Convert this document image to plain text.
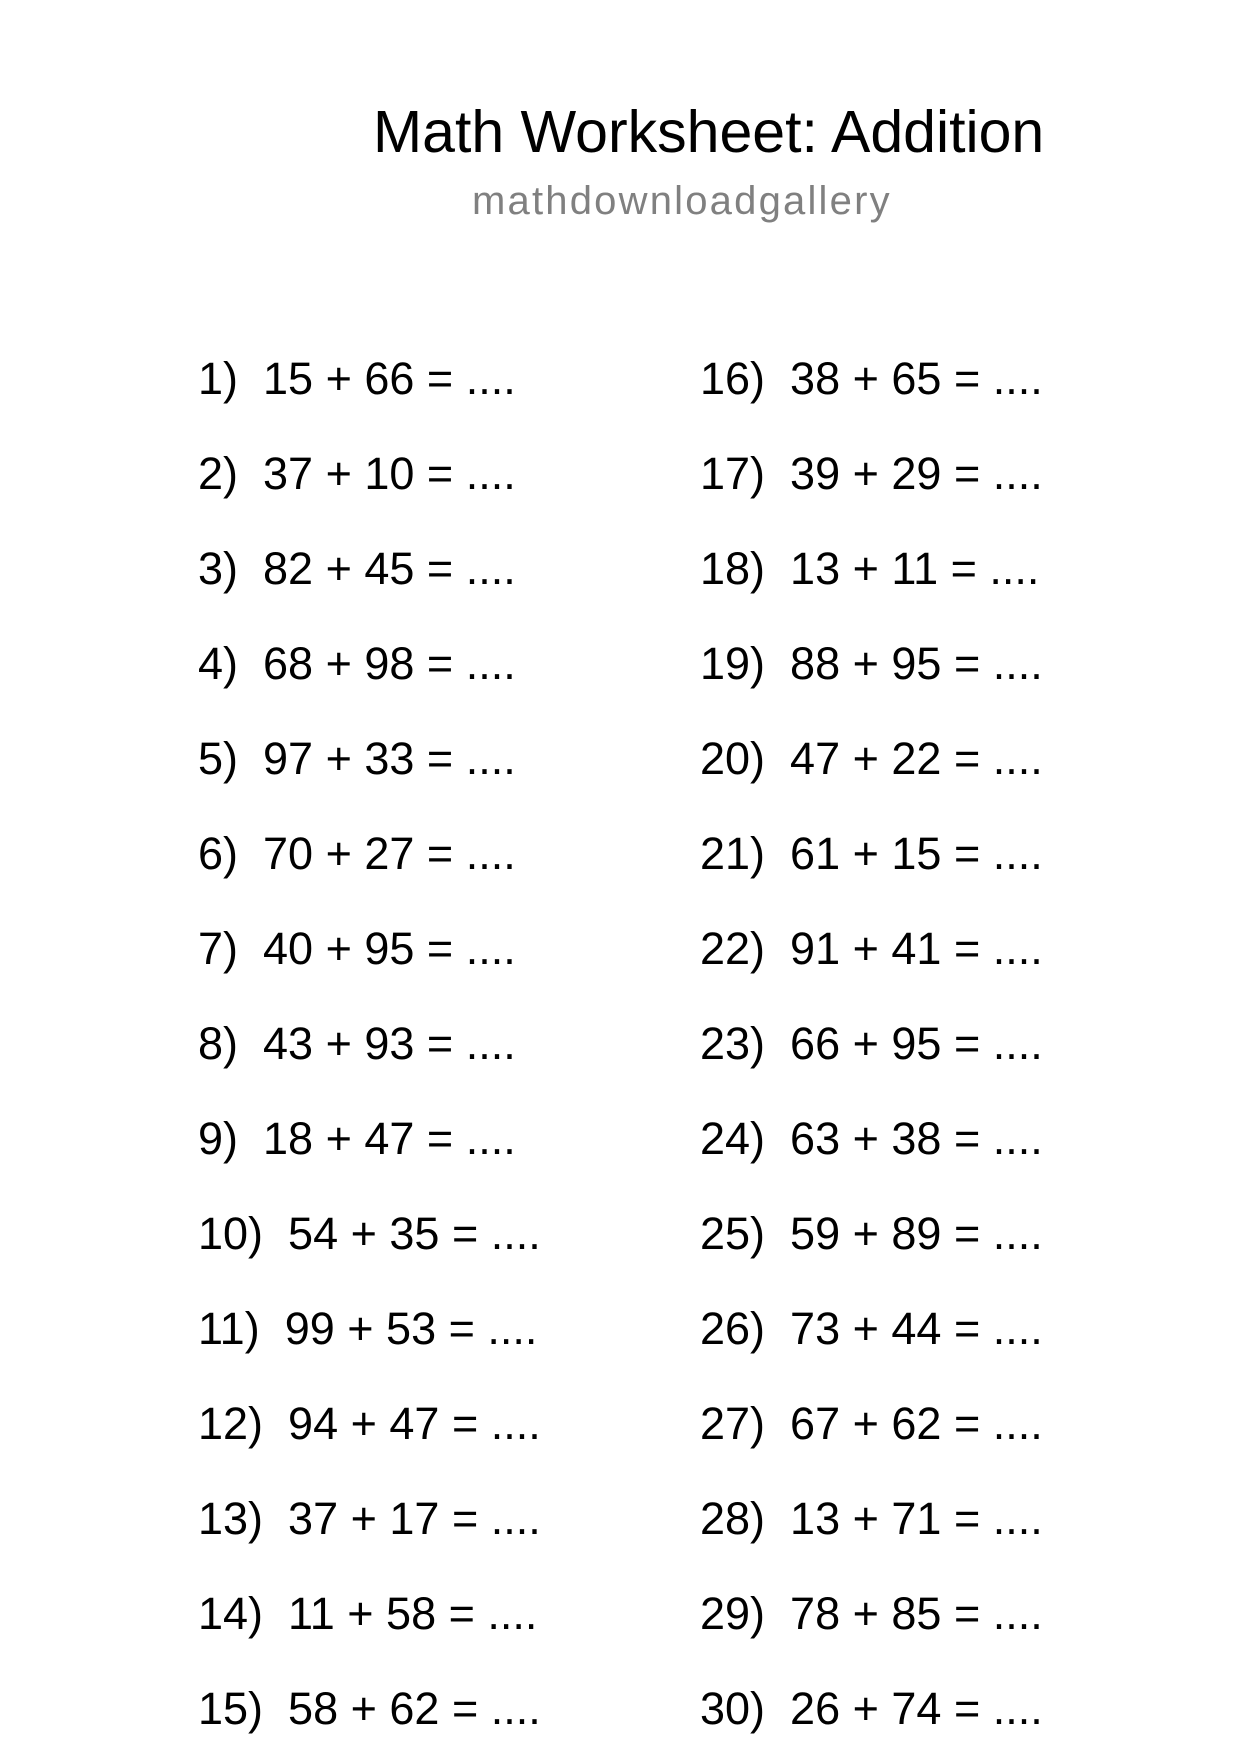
Math Worksheet: Addition
mathdownloadgallery
1)  15 + 66 = ....
2)  37 + 10 = ....
3)  82 + 45 = ....
4)  68 + 98 = ....
5)  97 + 33 = ....
6)  70 + 27 = ....
7)  40 + 95 = ....
8)  43 + 93 = ....
9)  18 + 47 = ....
10)  54 + 35 = ....
11)  99 + 53 = ....
12)  94 + 47 = ....
13)  37 + 17 = ....
14)  11 + 58 = ....
15)  58 + 62 = ....
16)  38 + 65 = ....
17)  39 + 29 = ....
18)  13 + 11 = ....
19)  88 + 95 = ....
20)  47 + 22 = ....
21)  61 + 15 = ....
22)  91 + 41 = ....
23)  66 + 95 = ....
24)  63 + 38 = ....
25)  59 + 89 = ....
26)  73 + 44 = ....
27)  67 + 62 = ....
28)  13 + 71 = ....
29)  78 + 85 = ....
30)  26 + 74 = ....
